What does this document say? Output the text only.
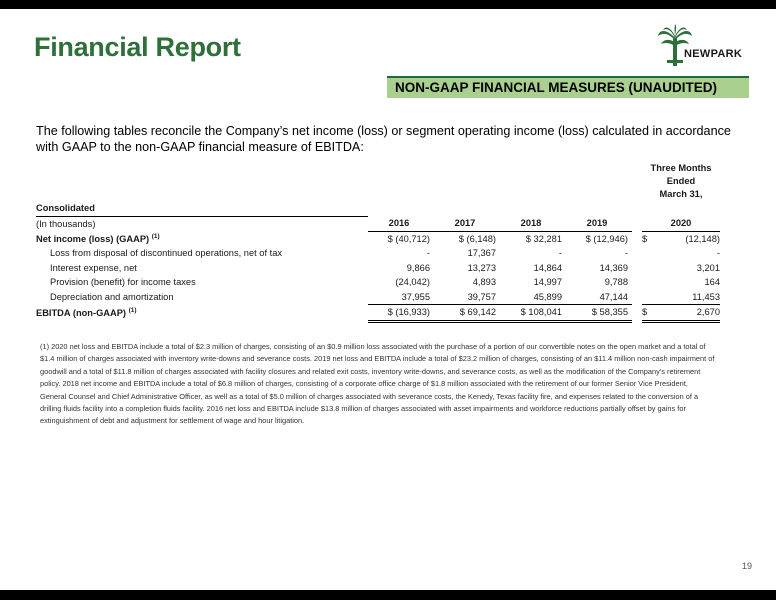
Financial Report	NEWPARK
NON-GAAP FINANCIAL MEASURES (UNAUDITED)
The following tables reconcile the Company’s net income (loss) or segment operating income (loss) calculated in accordance with GAAP to the non-GAAP financial measure of EBITDA:

						Three Months
Ended
March 31,

Consolidated						
(In thousands)	2016	2017	2018	2019		2020
Net income (loss) (GAAP) $^{(1)}$	$ (40,712)	$ (6,148)	$ 32,281	$ (12,946)		$ (12,148)

Loss from disposal of discontinued operations, net of tax	-	17,367	-	-		-

Interest expense, net	9,866	13,273	14,864	14,369		3,201

Provision (benefit) for income taxes	(24,042)	4,893	14,997	9,788		164

Depreciation and amortization	37,955	39,757	45,899	47,144		11,453

EBITDA (non-GAAP) $^{(1)}$	$ (16,933)	$ 69,142	$ 108,041	$ 58,355		$ 2,670
(1) 2020 net loss and EBITDA include a total of $2.3 million of charges, consisting of an $0.9 million loss associated with the purchase of a portion of our convertible notes on the open market and a total of $1.4 million of charges associated with inventory write-downs and severance costs. 2019 net loss and EBITDA include a total of $23.2 million of charges, consisting of an $11.4 million non-cash impairment of goodwill and a total of $11.8 million of charges associated with facility closures and related exit costs, inventory write-downs, and severance costs, as well as the modification of the Company’s retirement policy. 2018 net income and EBITDA include a total of $6.8 million of charges, consisting of a corporate office charge of $1.8 million associated with the retirement of our former Senior Vice President, General Counsel and Chief Administrative Officer, as well as a total of $5.0 million of charges associated with severance costs, the Kenedy, Texas facility fire, and expenses related to the conversion of a drilling fluids facility into a completion fluids facility. 2016 net loss and EBITDA include $13.8 million of charges associated with asset impairments and workforce reductions partially offset by gains for extinguishment of debt and adjustment for settlement of wage and hour litigation.
19
